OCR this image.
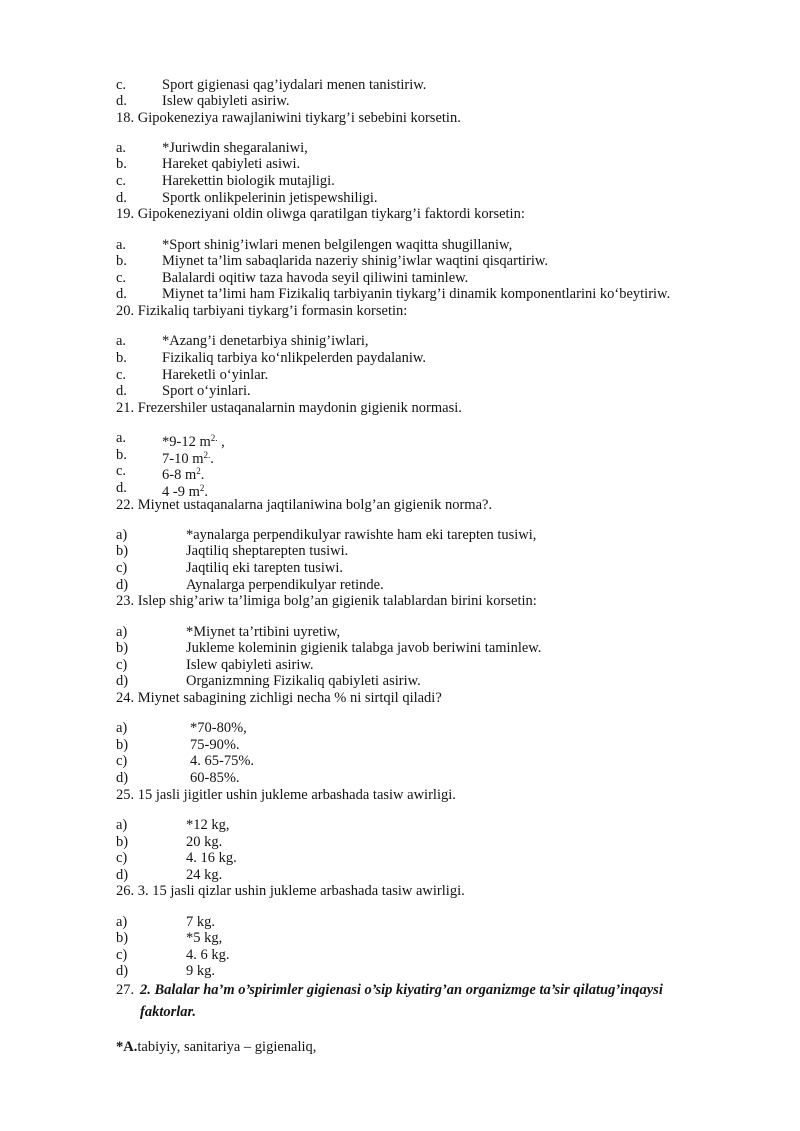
c. Sport gigienasi qag’iydalari menen tanistiriw.
d. Islew qabiyleti asiriw.
18. Gipokeneziya rawajlaniwini tiykarg’i sebebini korsetin.
a. *Juriwdin shegaralaniwi,
b. Hareket qabiyleti asiwi.
c. Harekettin biologik mutajligi.
d. Sportk onlikpelerinin jetispewshiligi.
19. Gipokeneziyani oldin oliwga qaratilgan tiykarg’i faktordi korsetin:
a. *Sport shinig’iwlari menen belgilengen waqitta shugillaniw,
b. Miynet ta’lim sabaqlarida nazeriy shinig’iwlar waqtini qisqartiriw.
c. Balalardi oqitiw taza havoda seyil qiliwini taminlew.
d. Miynet ta’limi ham Fizikaliq tarbiyanin tiykarg’i dinamik komponentlarini ko‘beytiriw.
20. Fizikaliq tarbiyani tiykarg’i formasin korsetin:
a. *Azang’i denetarbiya shinig’iwlari,
b. Fizikaliq tarbiya ko‘nlikpelerden paydalaniw.
c. Hareketli o‘yinlar.
d. Sport o‘yinlari.
21. Frezershiler ustaqanalarnin maydonin gigienik normasi.
a. *9-12 $m^{2.}$ ,
b. 7-10 $m^{2.}$.
c. 6-8 $m^2$.
d. 4 -9 $m^2$.
22. Miynet ustaqanalarna jaqtilaniwina bolg’an gigienik norma?.
a)	*aynalarga perpendikulyar rawishte ham eki tarepten tusiwi,
b)	Jaqtiliq sheptarepten tusiwi.
c)	Jaqtiliq eki tarepten tusiwi.
d)	Aynalarga perpendikulyar retinde.
23. Islep shig’ariw ta’limiga bolg’an gigienik talablardan birini korsetin:
a)	*Miynet ta’rtibini uyretiw,
b)	Jukleme koleminin gigienik talabga javob beriwini taminlew.
c)	Islew qabiyleti asiriw.
d)	Organizmning Fizikaliq qabiyleti asiriw.
24. Miynet sabagining zichligi necha % ni sirtqil qiladi?
a)	*70-80%,
b)	75-90%.
c)	4. 65-75%.
d)	60-85%.
25. 15 jasli jigitler ushin jukleme arbashada tasiw awirligi.
a)	*12 kg,
b)	20 kg.
c)	4. 16 kg.
d)	24 kg.
26. 3. 15 jasli qizlar ushin jukleme arbashada tasiw awirligi.
a)	7 kg.
b)	*5 kg,
c)	4. 6 kg.
d)	9 kg.
27. 2. Balalar ha’m o’spirimler gigienasi o’sip kiyatirg’an organizmge ta’sir qilatug’inqaysi
faktorlar.
*A.tabiyiy, sanitariya – gigienaliq,
